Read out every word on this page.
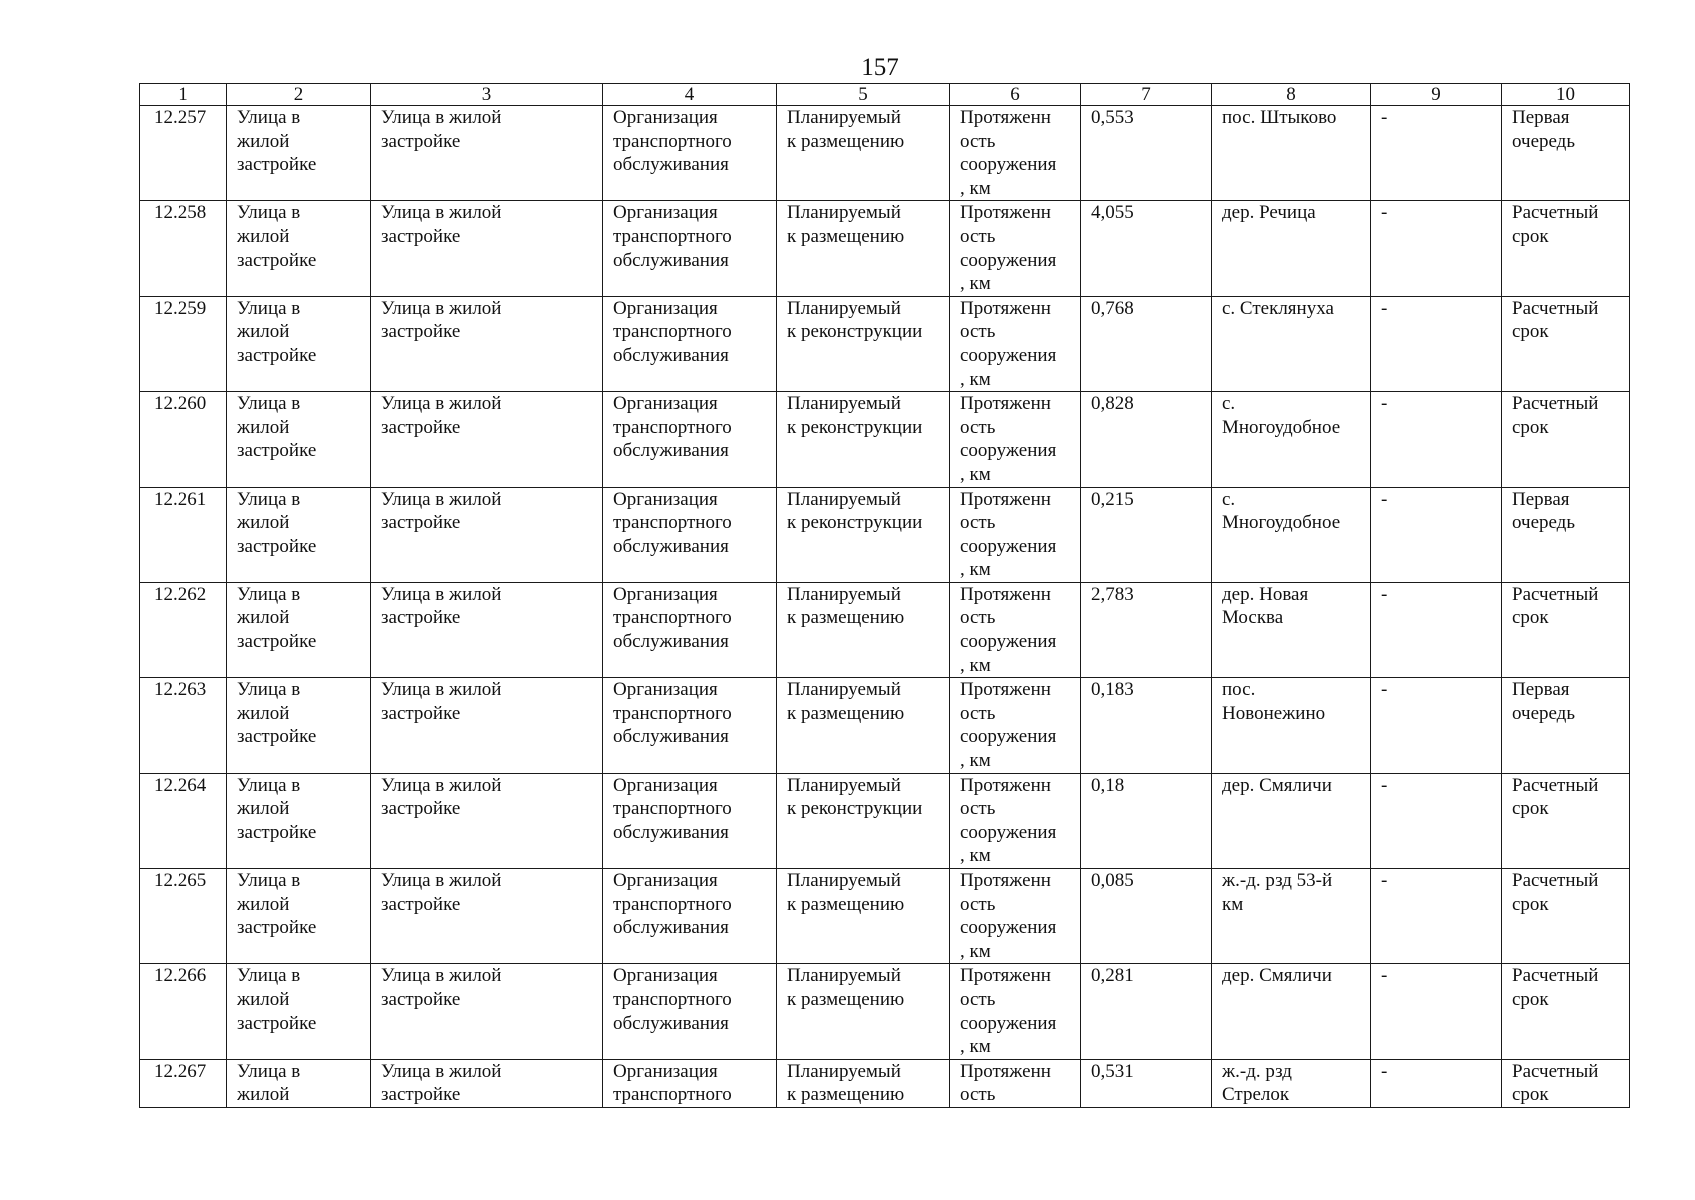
157
1	2	3	4	5	6	7	8	9	10

12.257	Улица в
жилой
застройке	Улица в жилой
застройке	Организация
транспортного
обслуживания	Планируемый
к размещению	Протяженн
ость
сооружения
, км	0,553	пос. Штыково	-	Первая
очередь

12.258	Улица в
жилой
застройке	Улица в жилой
застройке	Организация
транспортного
обслуживания	Планируемый
к размещению	Протяженн
ость
сооружения
, км	4,055	дер. Речица	-	Расчетный
срок

12.259	Улица в
жилой
застройке	Улица в жилой
застройке	Организация
транспортного
обслуживания	Планируемый
к реконструкции	Протяженн
ость
сооружения
, км	0,768	с. Стеклянуха	-	Расчетный
срок

12.260	Улица в
жилой
застройке	Улица в жилой
застройке	Организация
транспортного
обслуживания	Планируемый
к реконструкции	Протяженн
ость
сооружения
, км	0,828	с.
Многоудобное	-	Расчетный
срок

12.261	Улица в
жилой
застройке	Улица в жилой
застройке	Организация
транспортного
обслуживания	Планируемый
к реконструкции	Протяженн
ость
сооружения
, км	0,215	с.
Многоудобное	-	Первая
очередь

12.262	Улица в
жилой
застройке	Улица в жилой
застройке	Организация
транспортного
обслуживания	Планируемый
к размещению	Протяженн
ость
сооружения
, км	2,783	дер. Новая
Москва	-	Расчетный
срок

12.263	Улица в
жилой
застройке	Улица в жилой
застройке	Организация
транспортного
обслуживания	Планируемый
к размещению	Протяженн
ость
сооружения
, км	0,183	пос.
Новонежино	-	Первая
очередь

12.264	Улица в
жилой
застройке	Улица в жилой
застройке	Организация
транспортного
обслуживания	Планируемый
к реконструкции	Протяженн
ость
сооружения
, км	0,18	дер. Смяличи	-	Расчетный
срок

12.265	Улица в
жилой
застройке	Улица в жилой
застройке	Организация
транспортного
обслуживания	Планируемый
к размещению	Протяженн
ость
сооружения
, км	0,085	ж.-д. рзд 53-й
км	-	Расчетный
срок

12.266	Улица в
жилой
застройке	Улица в жилой
застройке	Организация
транспортного
обслуживания	Планируемый
к размещению	Протяженн
ость
сооружения
, км	0,281	дер. Смяличи	-	Расчетный
срок

12.267	Улица в
жилой	Улица в жилой
застройке	Организация
транспортного	Планируемый
к размещению	Протяженн
ость	0,531	ж.-д. рзд
Стрелок	-	Расчетный
срок
